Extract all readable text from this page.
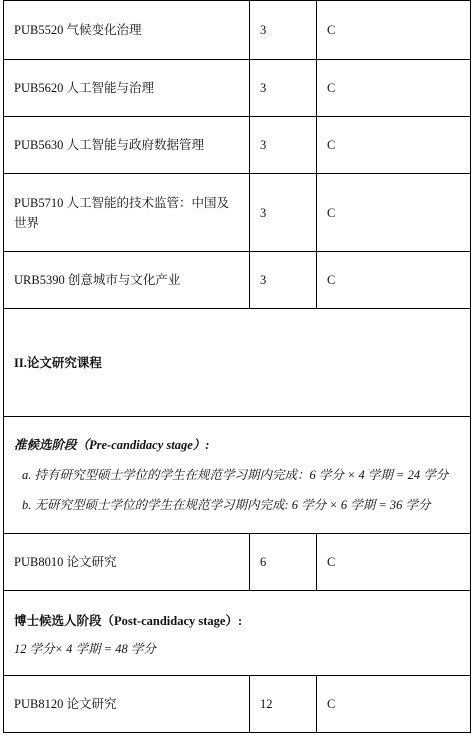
PUB5520 气候变化治理	3	C
PUB5620 人工智能与治理	3	C
PUB5630 人工智能与政府数据管理	3	C
PUB5710 人工智能的技术监管：中国及世界	3	C
URB5390 创意城市与文化产业	3	C
II.论文研究课程		

准候选阶段（Pre-candidacy stage）:
a. 持有研究型硕士学位的学生在规范学习期内完成：6 学分 × 4 学期 = 24 学分
b. 无研究型硕士学位的学生在规范学习期内完成: 6 学分 × 6 学期 = 36 学分		

PUB8010 论文研究	6	C

博士候选人阶段（Post-candidacy stage）:
12 学分× 4 学期 = 48 学分		

PUB8120 论文研究	12	C
